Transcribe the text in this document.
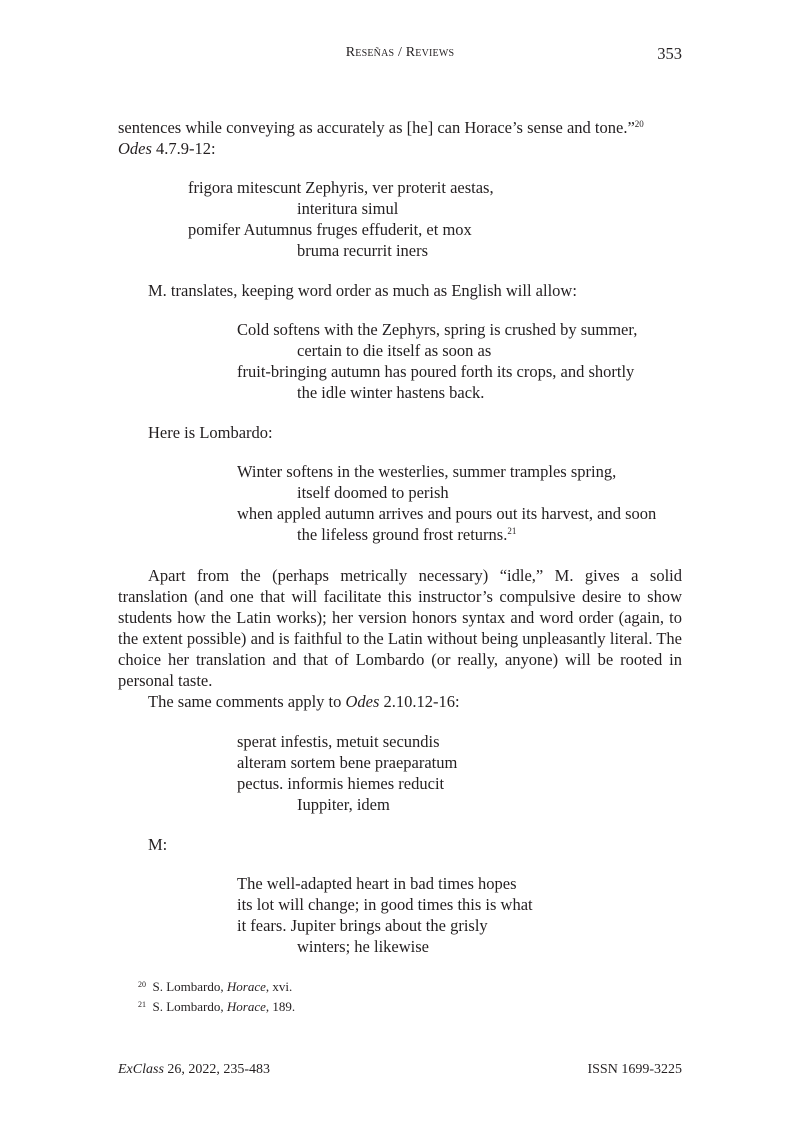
Reseñas / Reviews	353
sentences while conveying as accurately as [he] can Horace’s sense and tone.”$^{20}$
Odes 4.7.9-12:
frigora mitescunt Zephyris, ver proterit aestas,
interitura simul
pomifer Autumnus fruges effuderit, et mox
bruma recurrit iners
M. translates, keeping word order as much as English will allow:
Cold softens with the Zephyrs, spring is crushed by summer,
certain to die itself as soon as
fruit-bringing autumn has poured forth its crops, and shortly
the idle winter hastens back.
Here is Lombardo:
Winter softens in the westerlies, summer tramples spring,
itself doomed to perish
when appled autumn arrives and pours out its harvest, and soon
the lifeless ground frost returns.$^{21}$
Apart from the (perhaps metrically necessary) “idle,” M. gives a solid translation (and one that will facilitate this instructor’s compulsive desire to show students how the Latin works); her version honors syntax and word order (again, to the extent possible) and is faithful to the Latin without being unpleasantly literal. The choice her translation and that of Lombardo (or really, anyone) will be rooted in personal taste.
The same comments apply to Odes 2.10.12-16:
sperat infestis, metuit secundis
alteram sortem bene praeparatum
pectus. informis hiemes reducit
Iuppiter, idem
M:
The well-adapted heart in bad times hopes
its lot will change; in good times this is what
it fears. Jupiter brings about the grisly
winters; he likewise
$^{20}$ S. Lombardo, Horace, xvi.
$^{21}$ S. Lombardo, Horace, 189.
ExClass 26, 2022, 235-483	ISSN 1699-3225
